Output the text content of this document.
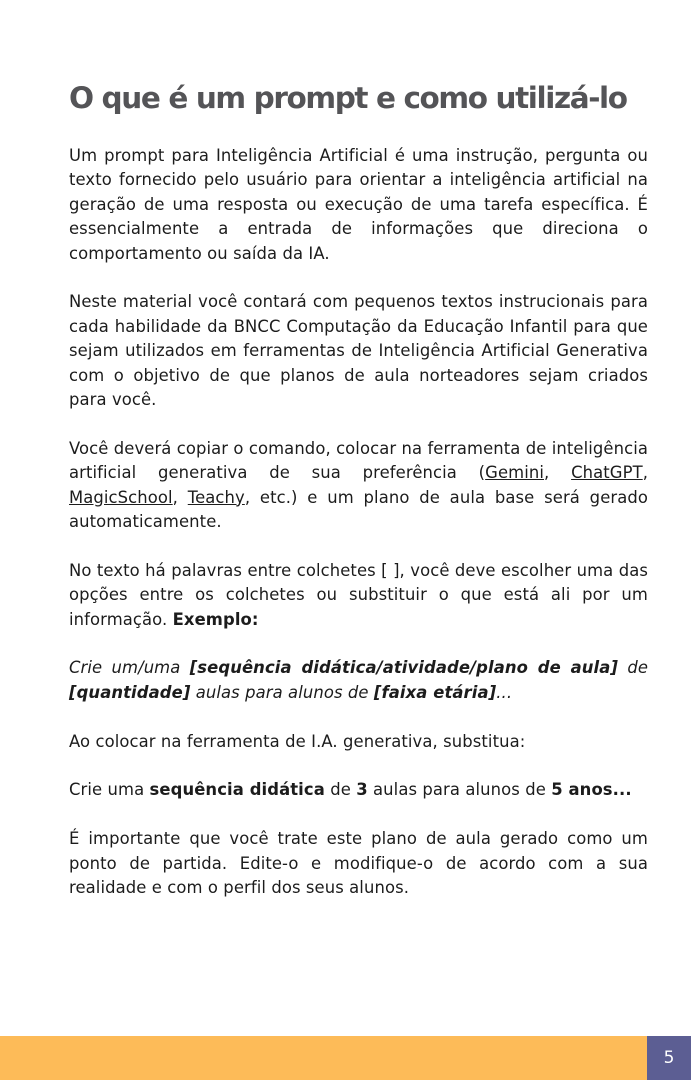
O que é um prompt e como utilizá-lo

Um prompt para Inteligência Artificial é uma instrução, pergunta ou texto fornecido pelo usuário para orientar a inteligência artificial na geração de uma resposta ou execução de uma tarefa específica. É essencialmente a entrada de informações que direciona o comportamento ou saída da IA.

Neste material você contará com pequenos textos instrucionais para cada habilidade da BNCC Computação da Educação Infantil para que sejam utilizados em ferramentas de Inteligência Artificial Generativa com o objetivo de que planos de aula norteadores sejam criados para você.

Você deverá copiar o comando, colocar na ferramenta de inteligência artificial generativa de sua preferência (Gemini, ChatGPT, MagicSchool, Teachy, etc.) e um plano de aula base será gerado automaticamente.

No texto há palavras entre colchetes [ ], você deve escolher uma das opções entre os colchetes ou substituir o que está ali por um informação. Exemplo:

Crie um/uma [sequência didática/atividade/plano de aula] de [quantidade] aulas para alunos de [faixa etária]...

Ao colocar na ferramenta de I.A. generativa, substitua:

Crie uma sequência didática de 3 aulas para alunos de 5 anos...

É importante que você trate este plano de aula gerado como um ponto de partida. Edite-o e modifique-o de acordo com a sua realidade e com o perfil dos seus alunos.

5
